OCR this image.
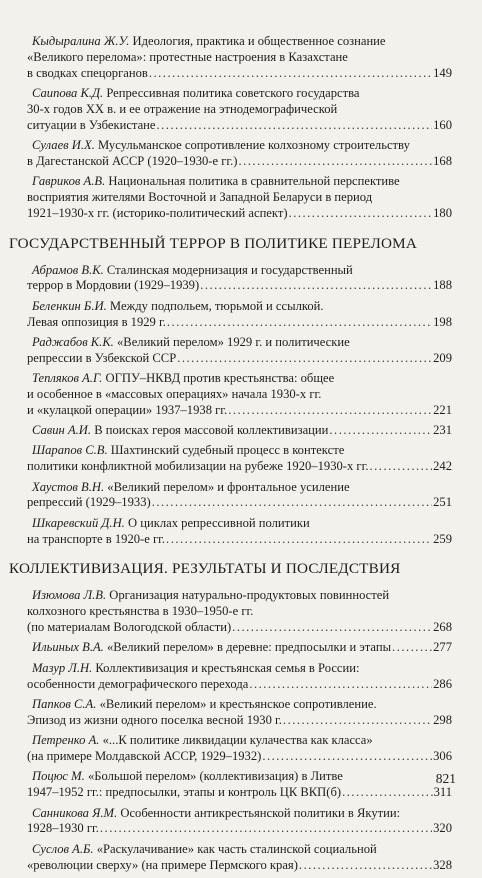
Кыдыралина Ж.У. Идеология, практика и общественное сознание
«Великого перелома»: протестные настроения в Казахстане
в сводках спецорганов .....	149
Саипова К.Д. Репрессивная политика советского государства
30-х годов XX в. и ее отражение на этнодемографической
ситуации в Узбекистане .....	160
Сулаев И.Х. Мусульманское сопротивление колхозному строительству
в Дагестанской АССР (1920–1930-е гг.) .....	168
Гавриков А.В. Национальная политика в сравнительной перспективе
восприятия жителями Восточной и Западной Беларуси в период
1921–1930-х гг. (историко-политический аспект) .....	180
ГОСУДАРСТВЕННЫЙ ТЕРРОР В ПОЛИТИКЕ ПЕРЕЛОМА
Абрамов В.К. Сталинская модернизация и государственный
террор в Мордовии (1929–1939) .....	188
Беленкин Б.И. Между подпольем, тюрьмой и ссылкой.
Левая оппозиция в 1929 г. .....	198
Раджабов К.К. «Великий перелом» 1929 г. и политические
репрессии в Узбекской ССР .....	209
Тепляков А.Г. ОГПУ–НКВД против крестьянства: общее
и особенное в «массовых операциях» начала 1930-х гг.
и «кулацкой операции» 1937–1938 гг. .....	221
Савин А.И. В поисках героя массовой коллективизации .....	231
Шарапов С.В. Шахтинский судебный процесс в контексте
политики конфликтной мобилизации на рубеже 1920–1930-х гг. .....	242
Хаустов В.Н. «Великий перелом» и фронтальное усиление
репрессий (1929–1933) .....	251
Шкаревский Д.Н. О циклах репрессивной политики
на транспорте в 1920-е гг. .....	259
КОЛЛЕКТИВИЗАЦИЯ. РЕЗУЛЬТАТЫ И ПОСЛЕДСТВИЯ
Изюмова Л.В. Организация натурально-продуктовых повинностей
колхозного крестьянства в 1930–1950-е гг.
(по материалам Вологодской области) .....	268
Ильиных В.А. «Великий перелом» в деревне: предпосылки и этапы .....	277
Мазур Л.Н. Коллективизация и крестьянская семья в России:
особенности демографического перехода .....	286
Папков С.А. «Великий перелом» и крестьянское сопротивление.
Эпизод из жизни одного поселка весной 1930 г. .....	298
Петренко А. «...К политике ликвидации кулачества как класса»
(на примере Молдавской АССР, 1929–1932) .....	306
Поцюс М. «Большой перелом» (коллективизация) в Литве
1947–1952 гг.: предпосылки, этапы и контроль ЦК ВКП(б) .....	311
Санникова Я.М. Особенности антикрестьянской политики в Якутии:
1928–1930 гг. .....	320
Суслов А.Б. «Раскулачивание» как часть сталинской социальной
«революции сверху» (на примере Пермского края) .....	328
821
